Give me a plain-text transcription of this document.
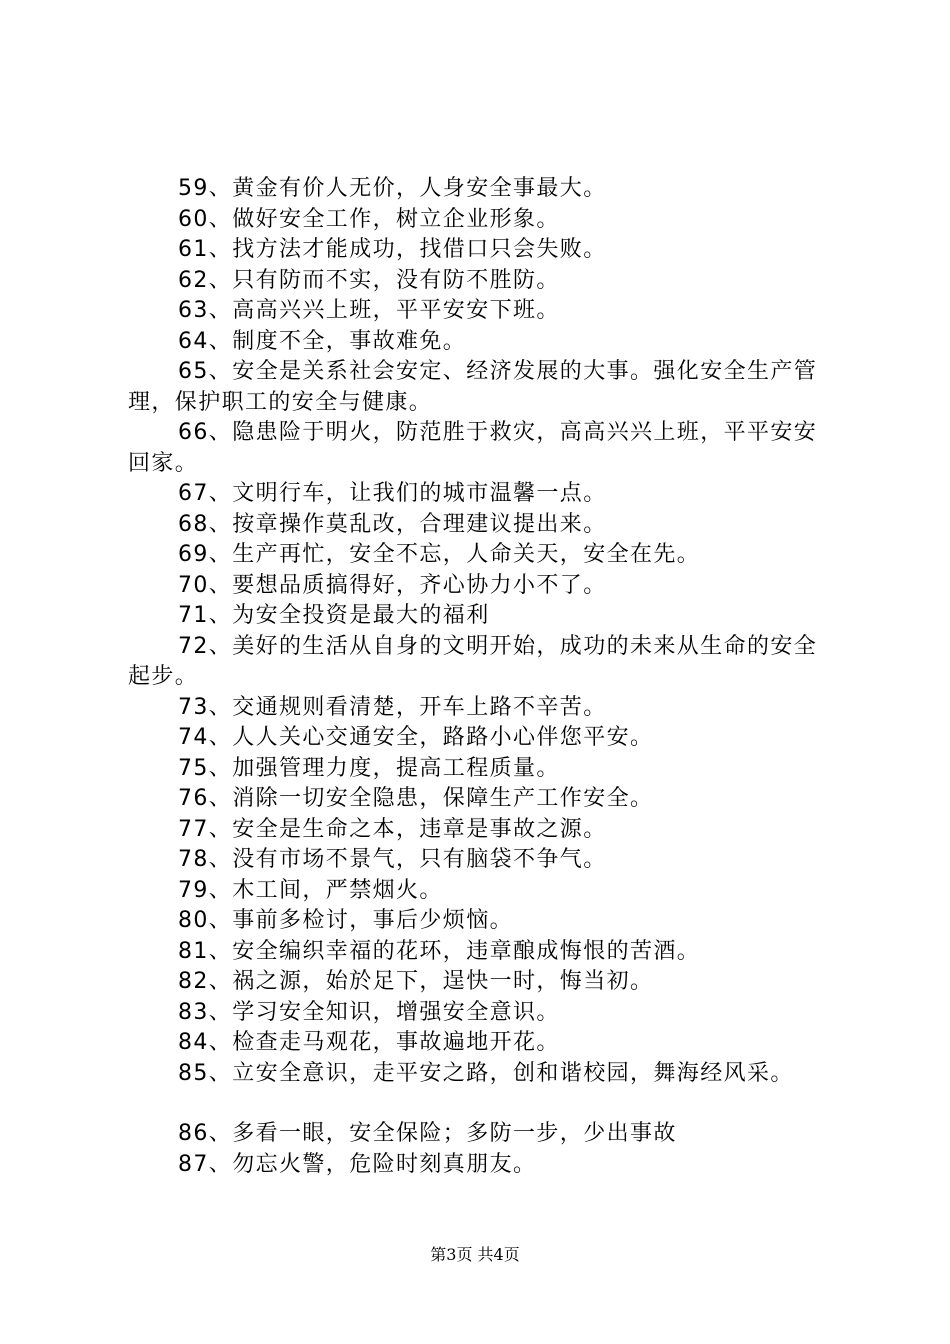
59、黄金有价人无价，人身安全事最大。
60、做好安全工作，树立企业形象。
61、找方法才能成功，找借口只会失败。
62、只有防而不实，没有防不胜防。
63、高高兴兴上班，平平安安下班。
64、制度不全，事故难免。
65、安全是关系社会安定、经济发展的大事。强化安全生产管理，保护职工的安全与健康。
66、隐患险于明火，防范胜于救灾，高高兴兴上班，平平安安回家。
67、文明行车，让我们的城市温馨一点。
68、按章操作莫乱改，合理建议提出来。
69、生产再忙，安全不忘，人命关天，安全在先。
70、要想品质搞得好，齐心协力小不了。
71、为安全投资是最大的福利
72、美好的生活从自身的文明开始，成功的未来从生命的安全起步。
73、交通规则看清楚，开车上路不辛苦。
74、人人关心交通安全，路路小心伴您平安。
75、加强管理力度，提高工程质量。
76、消除一切安全隐患，保障生产工作安全。
77、安全是生命之本，违章是事故之源。
78、没有市场不景气，只有脑袋不争气。
79、木工间，严禁烟火。
80、事前多检讨，事后少烦恼。
81、安全编织幸福的花环，违章酿成悔恨的苦酒。
82、祸之源，始於足下，逞快一时，悔当初。
83、学习安全知识，增强安全意识。
84、检查走马观花，事故遍地开花。
85、立安全意识，走平安之路，创和谐校园，舞海经风采。
86、多看一眼，安全保险；多防一步，少出事故
87、勿忘火警，危险时刻真朋友。
第3页 共4页
